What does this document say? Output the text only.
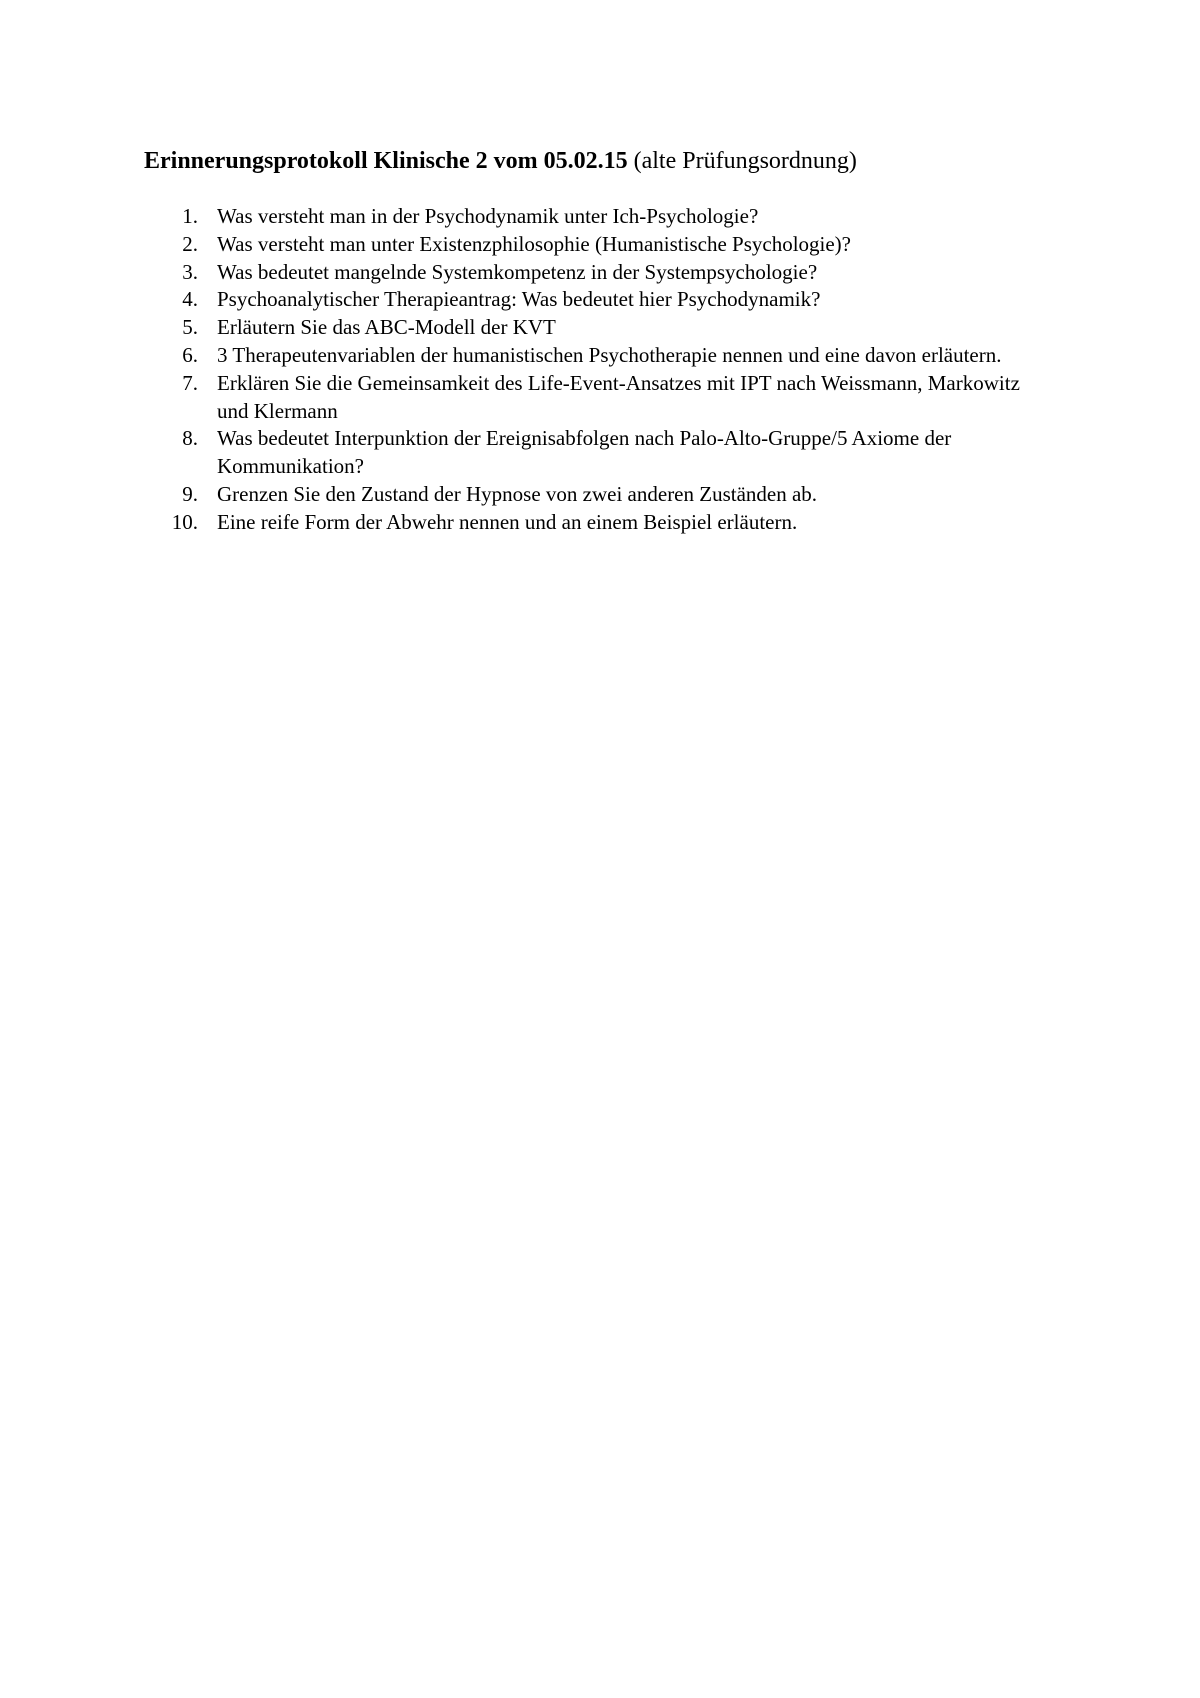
Erinnerungsprotokoll Klinische 2 vom 05.02.15 (alte Prüfungsordnung)
1. Was versteht man in der Psychodynamik unter Ich-Psychologie?
2. Was versteht man unter Existenzphilosophie (Humanistische Psychologie)?
3. Was bedeutet mangelnde Systemkompetenz in der Systempsychologie?
4. Psychoanalytischer Therapieantrag: Was bedeutet hier Psychodynamik?
5. Erläutern Sie das ABC-Modell der KVT
6. 3 Therapeutenvariablen der humanistischen Psychotherapie nennen und eine davon erläutern.
7. Erklären Sie die Gemeinsamkeit des Life-Event-Ansatzes mit IPT nach Weissmann, Markowitz und Klermann
8. Was bedeutet Interpunktion der Ereignisabfolgen nach Palo-Alto-Gruppe/5 Axiome der Kommunikation?
9. Grenzen Sie den Zustand der Hypnose von zwei anderen Zuständen ab.
10. Eine reife Form der Abwehr nennen und an einem Beispiel erläutern.
